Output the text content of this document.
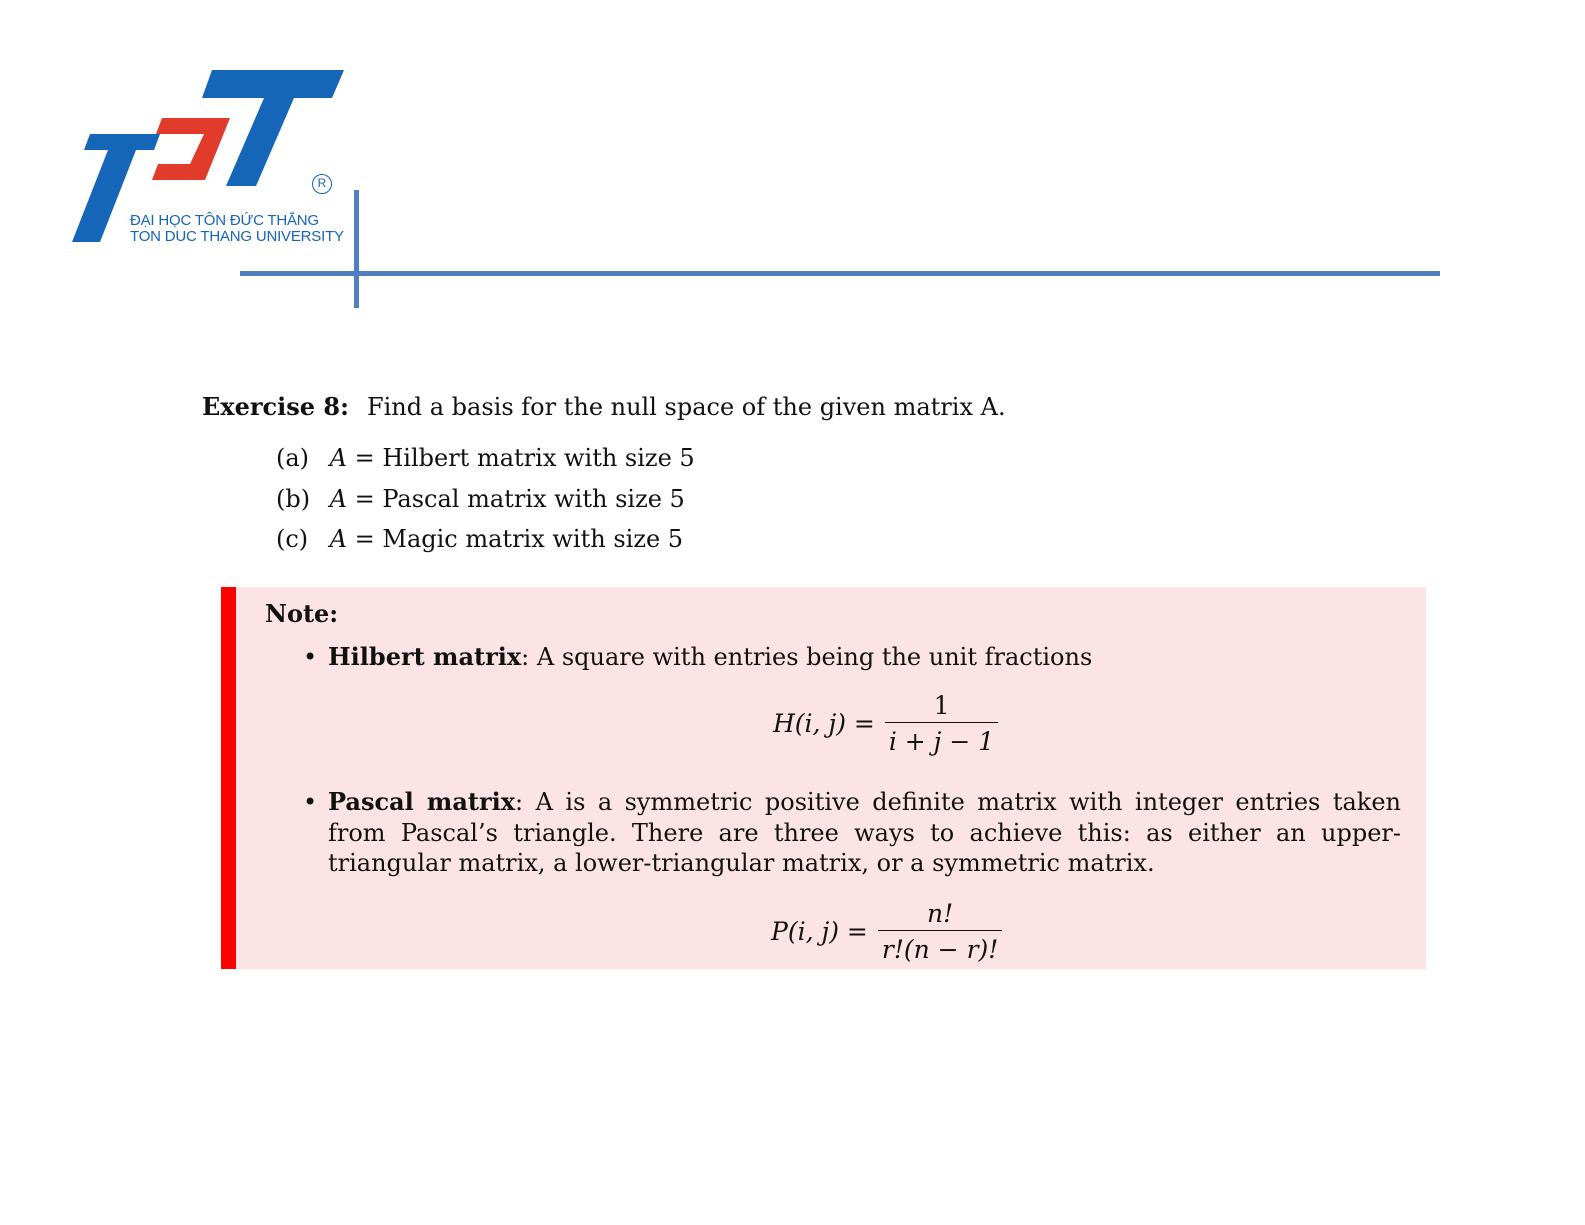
R
ĐẠI HỌC TÔN ĐỨC THẮNG
TON DUC THANG UNIVERSITY
Exercise 8: Find a basis for the null space of the given matrix A.
(a) A = Hilbert matrix with size 5
(b) A = Pascal matrix with size 5
(c) A = Magic matrix with size 5
Note:
• Hilbert matrix: A square with entries being the unit fractions
H(i, $j) = \frac{1}{i + j - 1}$
• Pascal matrix: A is a symmetric positive definite matrix with integer entries taken from Pascal’s triangle. There are three ways to achieve this: as either an upper-triangular matrix, a lower-triangular matrix, or a symmetric matrix.
P(i, $j) = \frac{n!}{r!(n - r)!}$
